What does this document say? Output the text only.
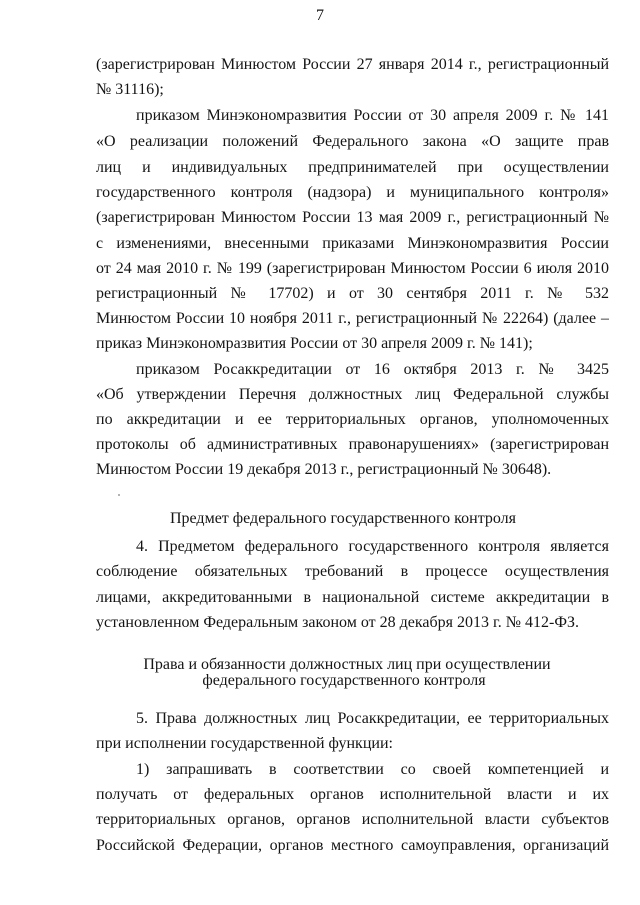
7
(зарегистрирован Минюстом России 27 января 2014 г., регистрационный
№ 31116);
приказом Минэкономразвития России от 30 апреля 2009 г. № 141
«О реализации положений Федерального закона «О защите прав
лиц и индивидуальных предпринимателей при осуществлении
государственного контроля (надзора) и муниципального контроля»
(зарегистрирован Минюстом России 13 мая 2009 г., регистрационный №
с изменениями, внесенными приказами Минэкономразвития России
от 24 мая 2010 г. № 199 (зарегистрирован Минюстом России 6 июля 2010
регистрационный № 17702) и от 30 сентября 2011 г. № 532
Минюстом России 10 ноября 2011 г., регистрационный № 22264) (далее –
приказ Минэкономразвития России от 30 апреля 2009 г. № 141);
приказом Росаккредитации от 16 октября 2013 г. № 3425
«Об утверждении Перечня должностных лиц Федеральной службы
по аккредитации и ее территориальных органов, уполномоченных
протоколы об административных правонарушениях» (зарегистрирован
Минюстом России 19 декабря 2013 г., регистрационный № 30648).
Предмет федерального государственного контроля
4. Предметом федерального государственного контроля является
соблюдение обязательных требований в процессе осуществления
лицами, аккредитованными в национальной системе аккредитации в
установленном Федеральным законом от 28 декабря 2013 г. № 412-ФЗ.
Права и обязанности должностных лиц при осуществлении
федерального государственного контроля
5. Права должностных лиц Росаккредитации, ее территориальных
при исполнении государственной функции:
1) запрашивать в соответствии со своей компетенцией и
получать от федеральных органов исполнительной власти и их
территориальных органов, органов исполнительной власти субъектов
Российской Федерации, органов местного самоуправления, организаций
